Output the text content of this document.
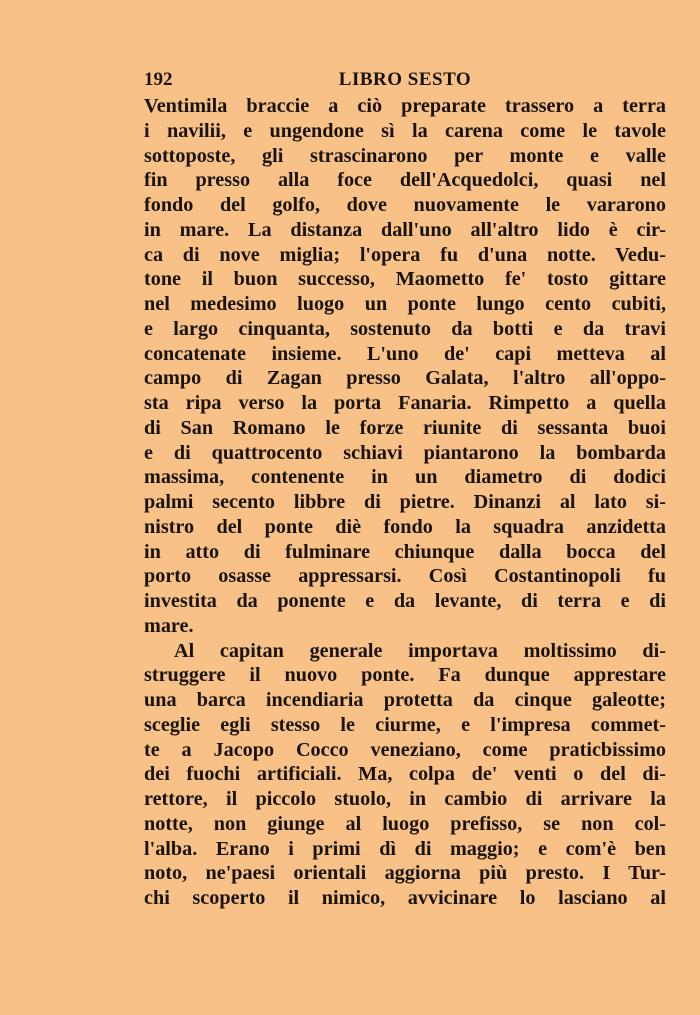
192	LIBRO SESTO
Ventimila braccie a ciò preparate trassero a terra
i navilii, e ungendone sì la carena come le tavole
sottoposte, gli strascinarono per monte e valle
fin presso alla foce dell'Acquedolci, quasi nel
fondo del golfo, dove nuovamente le vararono
in mare. La distanza dall'uno all'altro lido è cir-
ca di nove miglia; l'opera fu d'una notte. Vedu-
tone il buon successo, Maometto fe' tosto gittare
nel medesimo luogo un ponte lungo cento cubiti,
e largo cinquanta, sostenuto da botti e da travi
concatenate insieme. L'uno de' capi metteva al
campo di Zagan presso Galata, l'altro all'oppo-
sta ripa verso la porta Fanaria. Rimpetto a quella
di San Romano le forze riunite di sessanta buoi
e di quattrocento schiavi piantarono la bombarda
massima, contenente in un diametro di dodici
palmi secento libbre di pietre. Dinanzi al lato si-
nistro del ponte diè fondo la squadra anzidetta
in atto di fulminare chiunque dalla bocca del
porto osasse appressarsi. Così Costantinopoli fu
investita da ponente e da levante, di terra e di
mare.
Al capitan generale importava moltissimo di-
struggere il nuovo ponte. Fa dunque apprestare
una barca incendiaria protetta da cinque galeotte;
sceglie egli stesso le ciurme, e l'impresa commet-
te a Jacopo Cocco veneziano, come praticbissimo
dei fuochi artificiali. Ma, colpa de' venti o del di-
rettore, il piccolo stuolo, in cambio di arrivare la
notte, non giunge al luogo prefisso, se non col-
l'alba. Erano i primi dì di maggio; e com'è ben
noto, ne'paesi orientali aggiorna più presto. I Tur-
chi scoperto il nimico, avvicinare lo lasciano al
